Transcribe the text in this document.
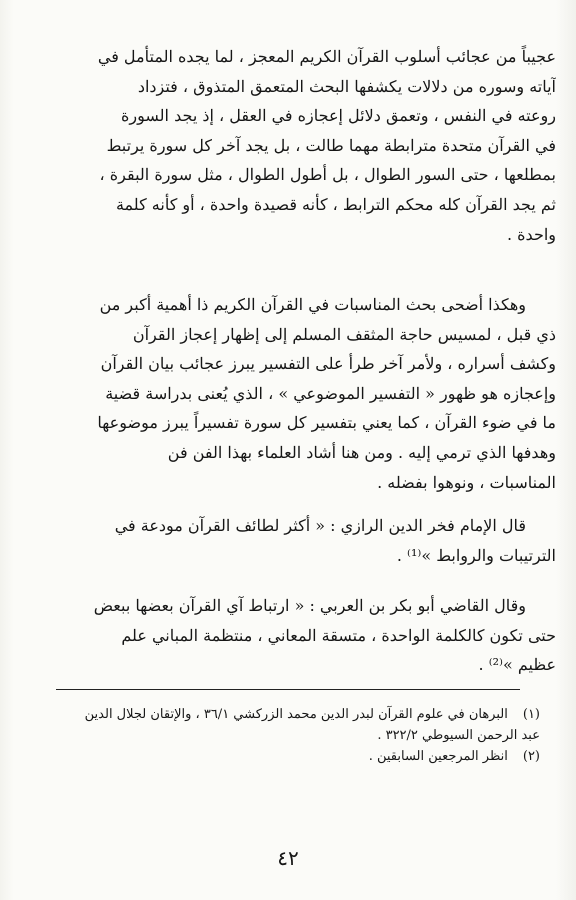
عجيباً من عجائب أسلوب القرآن الكريم المعجز ، لما يجده المتأمل في
آياته وسوره من دلالات يكشفها البحث المتعمق المتذوق ، فتزداد
روعته في النفس ، وتعمق دلائل إعجازه في العقل ، إذ يجد السورة
في القرآن متحدة مترابطة مهما طالت ، بل يجد آخر كل سورة يرتبط
بمطلعها ، حتى السور الطوال ، بل أطول الطوال ، مثل سورة البقرة ،
ثم يجد القرآن كله محكم الترابط ، كأنه قصيدة واحدة ، أو كأنه كلمة
واحدة .
وهكذا أضحى بحث المناسبات في القرآن الكريم ذا أهمية أكبر من
ذي قبل ، لمسيس حاجة المثقف المسلم إلى إظهار إعجاز القرآن
وكشف أسراره ، ولأمر آخر طرأ على التفسير يبرز عجائب بيان القرآن
وإعجازه هو ظهور « التفسير الموضوعي » ، الذي يُعنى بدراسة قضية
ما في ضوء القرآن ، كما يعني بتفسير كل سورة تفسيراً يبرز موضوعها
وهدفها الذي ترمي إليه . ومن هنا أشاد العلماء بهذا الفن فن
المناسبات ، ونوهوا بفضله .
قال الإمام فخر الدين الرازي : « أكثر لطائف القرآن مودعة في
الترتيبات والروابط »⁽¹⁾ .
وقال القاضي أبو بكر بن العربي : « ارتباط آي القرآن بعضها ببعض
حتى تكون كالكلمة الواحدة ، متسقة المعاني ، منتظمة المباني علم
عظيم »⁽²⁾ .
(١) البرهان في علوم القرآن لبدر الدين محمد الزركشي ٣٦/١ ، والإتقان لجلال الدين
عبد الرحمن السيوطي ٣٢٢/٢ .
(٢) انظر المرجعين السابقين .
٤٢
